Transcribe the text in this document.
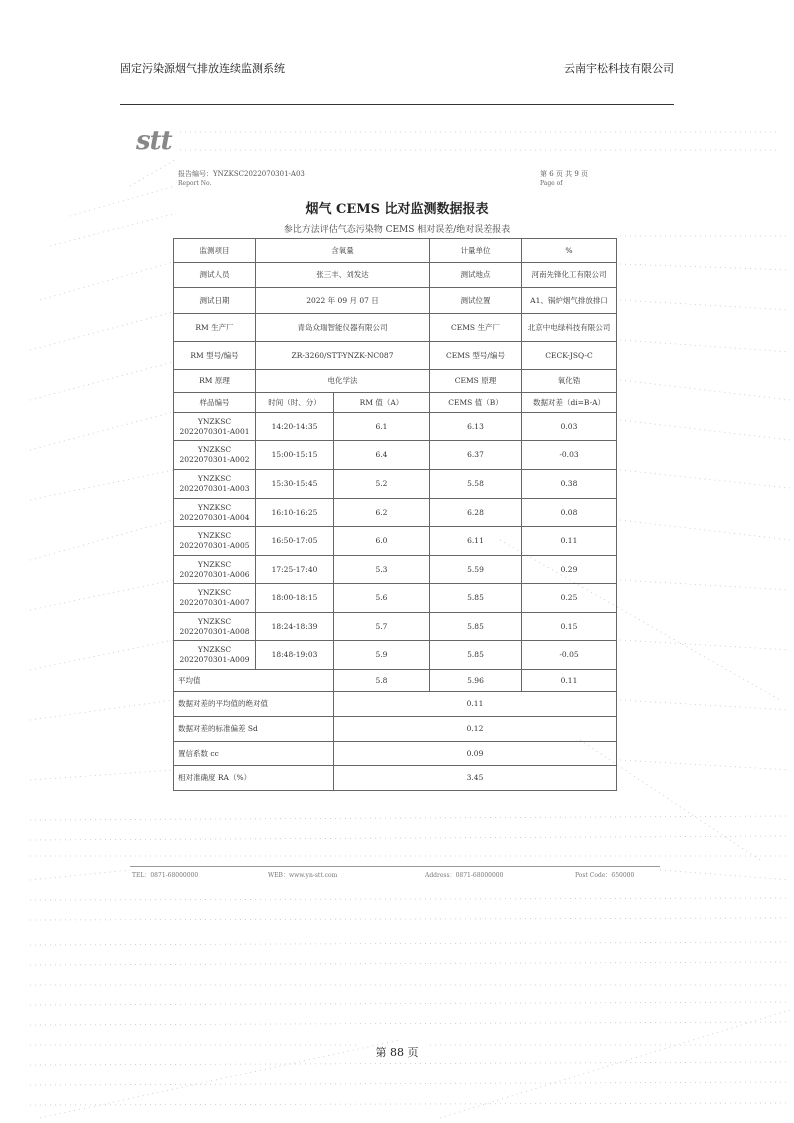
固定污染源烟气排放连续监测系统	云南宇松科技有限公司
stt
报告编号：YNZKSC2022070301-A03
Report No.
第 6 页 共 9 页
Page of
烟气 CEMS 比对监测数据报表
参比方法评估气态污染物 CEMS 相对误差/绝对误差报表
监测项目	含氧量		计量单位	%
测试人员	张三丰、刘发达		测试地点	河南先锋化工有限公司
测试日期	2022 年 09 月 07 日		测试位置	A1、锅炉烟气排放排口
RM 生产厂	青岛众瑞智能仪器有限公司		CEMS 生产厂	北京中电绿科技有限公司
RM 型号/编号	ZR-3260/STT-YNZK-NC087		CEMS 型号/编号	CECK-JSQ-C
RM 原理	电化学法		CEMS 原理	氧化锆
样品编号	时间（时、分）	RM 值（A）	CEMS 值（B）	数据对差（di=B-A）
YNZKSC 2022070301-A001	14:20-14:35	6.1	6.13	0.03
YNZKSC 2022070301-A002	15:00-15:15	6.4	6.37	-0.03
YNZKSC 2022070301-A003	15:30-15:45	5.2	5.58	0.38
YNZKSC 2022070301-A004	16:10-16:25	6.2	6.28	0.08
YNZKSC 2022070301-A005	16:50-17:05	6.0	6.11	0.11
YNZKSC 2022070301-A006	17:25-17:40	5.3	5.59	0.29
YNZKSC 2022070301-A007	18:00-18:15	5.6	5.85	0.25
YNZKSC 2022070301-A008	18:24-18:39	5.7	5.85	0.15
YNZKSC 2022070301-A009	18:48-19:03	5.9	5.85	-0.05
平均值		5.8	5.96	0.11
数据对差的平均值的绝对值		0.11		
数据对差的标准偏差 Sd		0.12		
置信系数 cc		0.09		
相对准确度 RA（%）		3.45		
TEL：0871-68000000	WEB：www.yn-stt.com	Address：0871-68000000	Post Code：650000
第 88 页
